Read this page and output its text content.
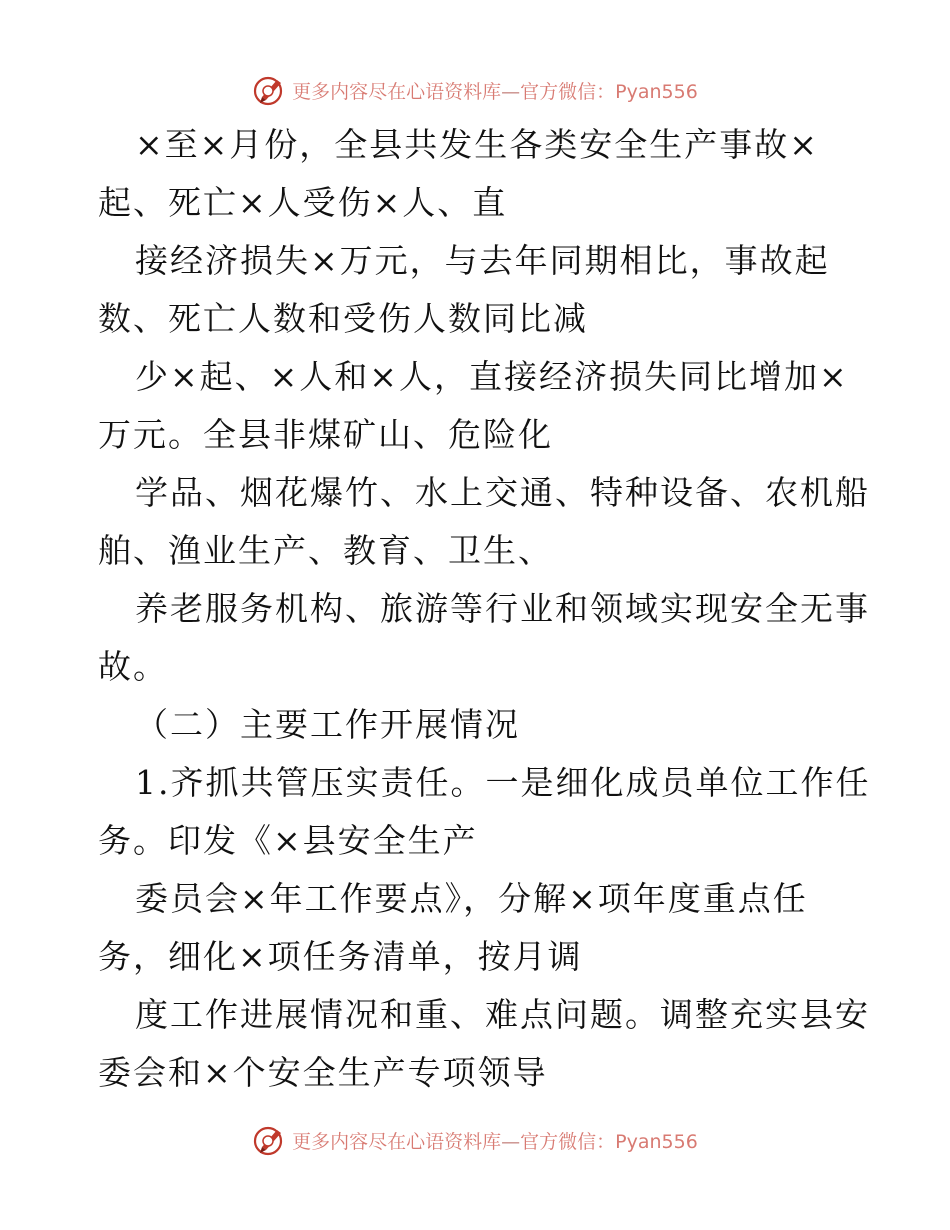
更多内容尽在心语资料库—官方微信：Pyan556
×至×月份，全县共发生各类安全生产事故×
起、死亡×人受伤×人、直
接经济损失×万元，与去年同期相比，事故起
数、死亡人数和受伤人数同比减
少×起、×人和×人，直接经济损失同比增加×
万元。全县非煤矿山、危险化
学品、烟花爆竹、水上交通、特种设备、农机船
舶、渔业生产、教育、卫生、
养老服务机构、旅游等行业和领域实现安全无事
故。
（二）主要工作开展情况
1.齐抓共管压实责任。一是细化成员单位工作任
务。印发《×县安全生产
委员会×年工作要点》，分解×项年度重点任
务，细化×项任务清单，按月调
度工作进展情况和重、难点问题。调整充实县安
委会和×个安全生产专项领导
更多内容尽在心语资料库—官方微信：Pyan556
